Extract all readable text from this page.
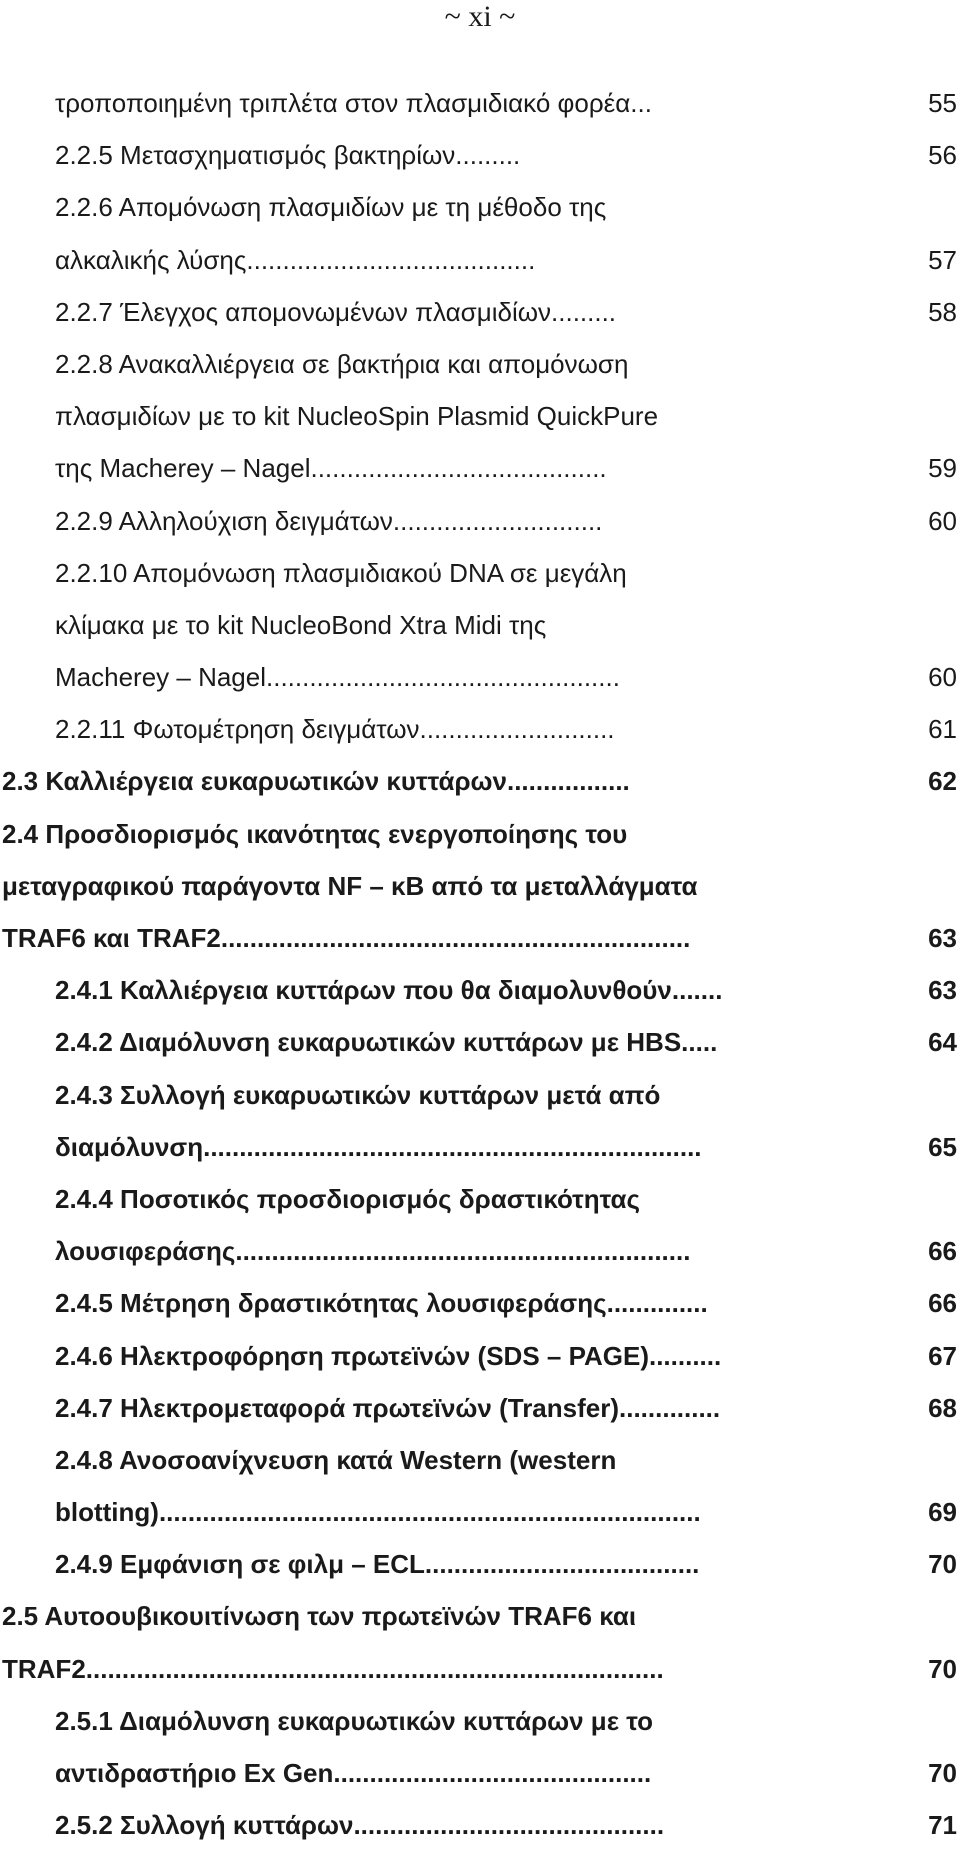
~ xi ~
τροποποιημένη τριπλέτα στον πλασμιδιακό φορέα...	55
2.2.5 Μετασχηματισμός βακτηρίων.........	56
2.2.6 Απομόνωση πλασμιδίων με τη μέθοδο της
αλκαλικής λύσης........................................	57
2.2.7 Έλεγχος απομονωμένων πλασμιδίων.........	58
2.2.8 Ανακαλλιέργεια σε βακτήρια και απομόνωση
πλασμιδίων με το kit NucleoSpin Plasmid QuickPure
της Macherey – Nagel.........................................	59
2.2.9 Αλληλούχιση δειγμάτων.............................	60
2.2.10 Απομόνωση πλασμιδιακού DNA σε μεγάλη
κλίμακα με το kit NucleoBond Xtra Midi της
Macherey – Nagel.................................................	60
2.2.11 Φωτομέτρηση δειγμάτων...........................	61
2.3 Καλλιέργεια ευκαρυωτικών κυττάρων.................	62
2.4 Προσδιορισμός ικανότητας ενεργοποίησης του
μεταγραφικού παράγοντα NF – κB από τα μεταλλάγματα
TRAF6 και TRAF2.................................................................	63
2.4.1 Καλλιέργεια κυττάρων που θα διαμολυνθούν.......	63
2.4.2 Διαμόλυνση ευκαρυωτικών κυττάρων με HBS.....	64
2.4.3 Συλλογή ευκαρυωτικών κυττάρων μετά από
διαμόλυνση.....................................................................	65
2.4.4 Ποσοτικός προσδιορισμός δραστικότητας
λουσιφεράσης...............................................................	66
2.4.5 Μέτρηση δραστικότητας λουσιφεράσης..............	66
2.4.6 Ηλεκτροφόρηση πρωτεϊνών (SDS – PAGE)..........	67
2.4.7 Ηλεκτρομεταφορά πρωτεϊνών (Transfer)..............	68
2.4.8 Ανοσοανίχνευση κατά Western (western
blotting)...........................................................................	69
2.4.9 Εμφάνιση σε φιλμ – ECL......................................	70
2.5 Αυτοουβικουιτίνωση των πρωτεϊνών TRAF6 και
TRAF2................................................................................	70
2.5.1 Διαμόλυνση ευκαρυωτικών κυττάρων με το
αντιδραστήριο Ex Gen............................................	70
2.5.2 Συλλογή κυττάρων...........................................	71
